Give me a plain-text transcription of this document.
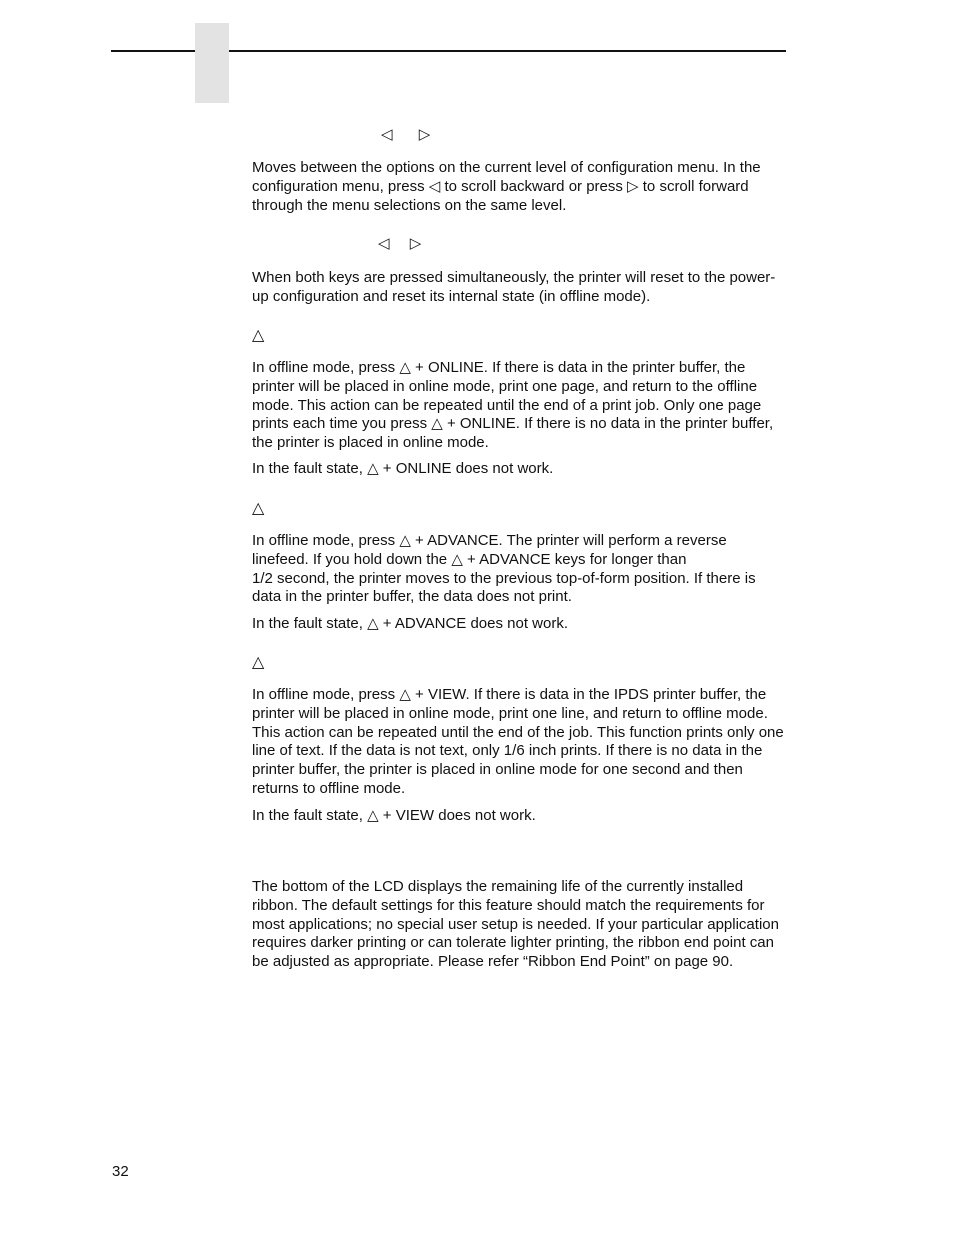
◁ ▷

Moves between the options on the current level of configuration menu. In the configuration menu, press ◁ to scroll backward or press ▷ to scroll forward through the menu selections on the same level.

◁ ▷

When both keys are pressed simultaneously, the printer will reset to the power-up configuration and reset its internal state (in offline mode).

△

In offline mode, press △ + ONLINE. If there is data in the printer buffer, the printer will be placed in online mode, print one page, and return to the offline mode. This action can be repeated until the end of a print job. Only one page prints each time you press △ + ONLINE. If there is no data in the printer buffer, the printer is placed in online mode.

In the fault state, △ + ONLINE does not work.

△

In offline mode, press △ + ADVANCE. The printer will perform a reverse linefeed. If you hold down the △ + ADVANCE keys for longer than
1/2 second, the printer moves to the previous top-of-form position. If there is data in the printer buffer, the data does not print.

In the fault state, △ + ADVANCE does not work.

△

In offline mode, press △ + VIEW. If there is data in the IPDS printer buffer, the printer will be placed in online mode, print one line, and return to offline mode. This action can be repeated until the end of the job. This function prints only one line of text. If the data is not text, only 1/6 inch prints. If there is no data in the printer buffer, the printer is placed in online mode for one second and then returns to offline mode.

In the fault state, △ + VIEW does not work.

The bottom of the LCD displays the remaining life of the currently installed ribbon. The default settings for this feature should match the requirements for most applications; no special user setup is needed. If your particular application requires darker printing or can tolerate lighter printing, the ribbon end point can be adjusted as appropriate. Please refer “Ribbon End Point” on page 90.

32
